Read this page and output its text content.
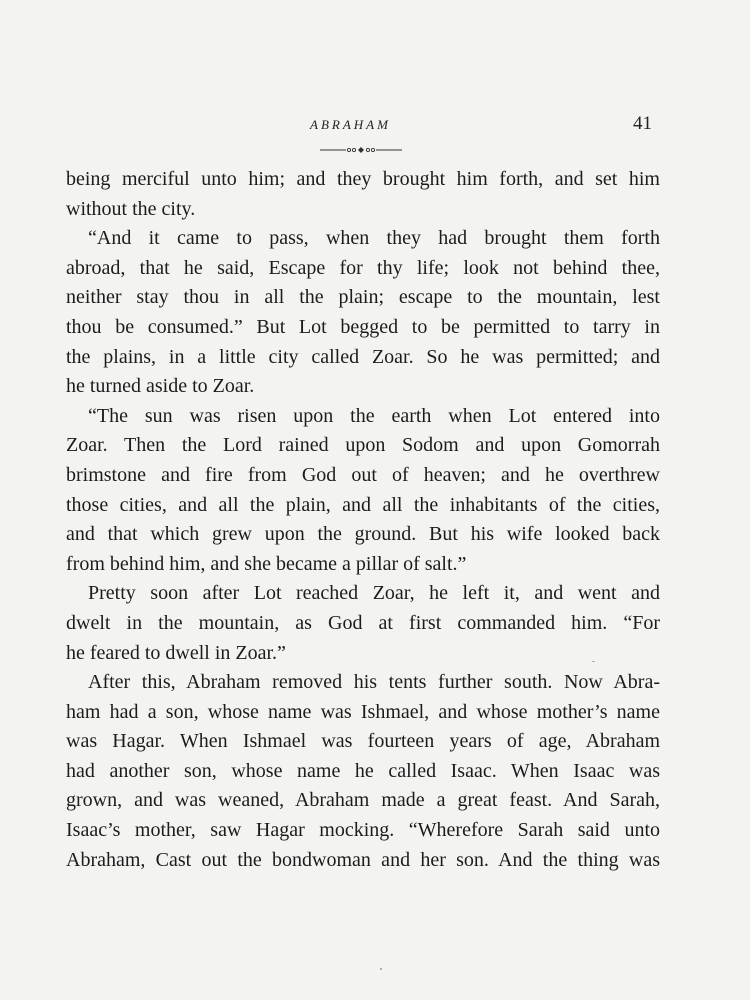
ABRAHAM	41
being merciful unto him; and they brought him forth, and set him
without the city.
“And it came to pass, when they had brought them forth
abroad, that he said, Escape for thy life; look not behind thee,
neither stay thou in all the plain; escape to the mountain, lest
thou be consumed.” But Lot begged to be permitted to tarry in
the plains, in a little city called Zoar. So he was permitted; and
he turned aside to Zoar.
“The sun was risen upon the earth when Lot entered into
Zoar. Then the Lord rained upon Sodom and upon Gomorrah
brimstone and fire from God out of heaven; and he overthrew
those cities, and all the plain, and all the inhabitants of the cities,
and that which grew upon the ground. But his wife looked back
from behind him, and she became a pillar of salt.”
Pretty soon after Lot reached Zoar, he left it, and went and
dwelt in the mountain, as God at first commanded him. “For
he feared to dwell in Zoar.”
After this, Abraham removed his tents further south. Now Abra-
ham had a son, whose name was Ishmael, and whose mother’s name
was Hagar. When Ishmael was fourteen years of age, Abraham
had another son, whose name he called Isaac. When Isaac was
grown, and was weaned, Abraham made a great feast. And Sarah,
Isaac’s mother, saw Hagar mocking. “Wherefore Sarah said unto
Abraham, Cast out the bondwoman and her son. And the thing was
